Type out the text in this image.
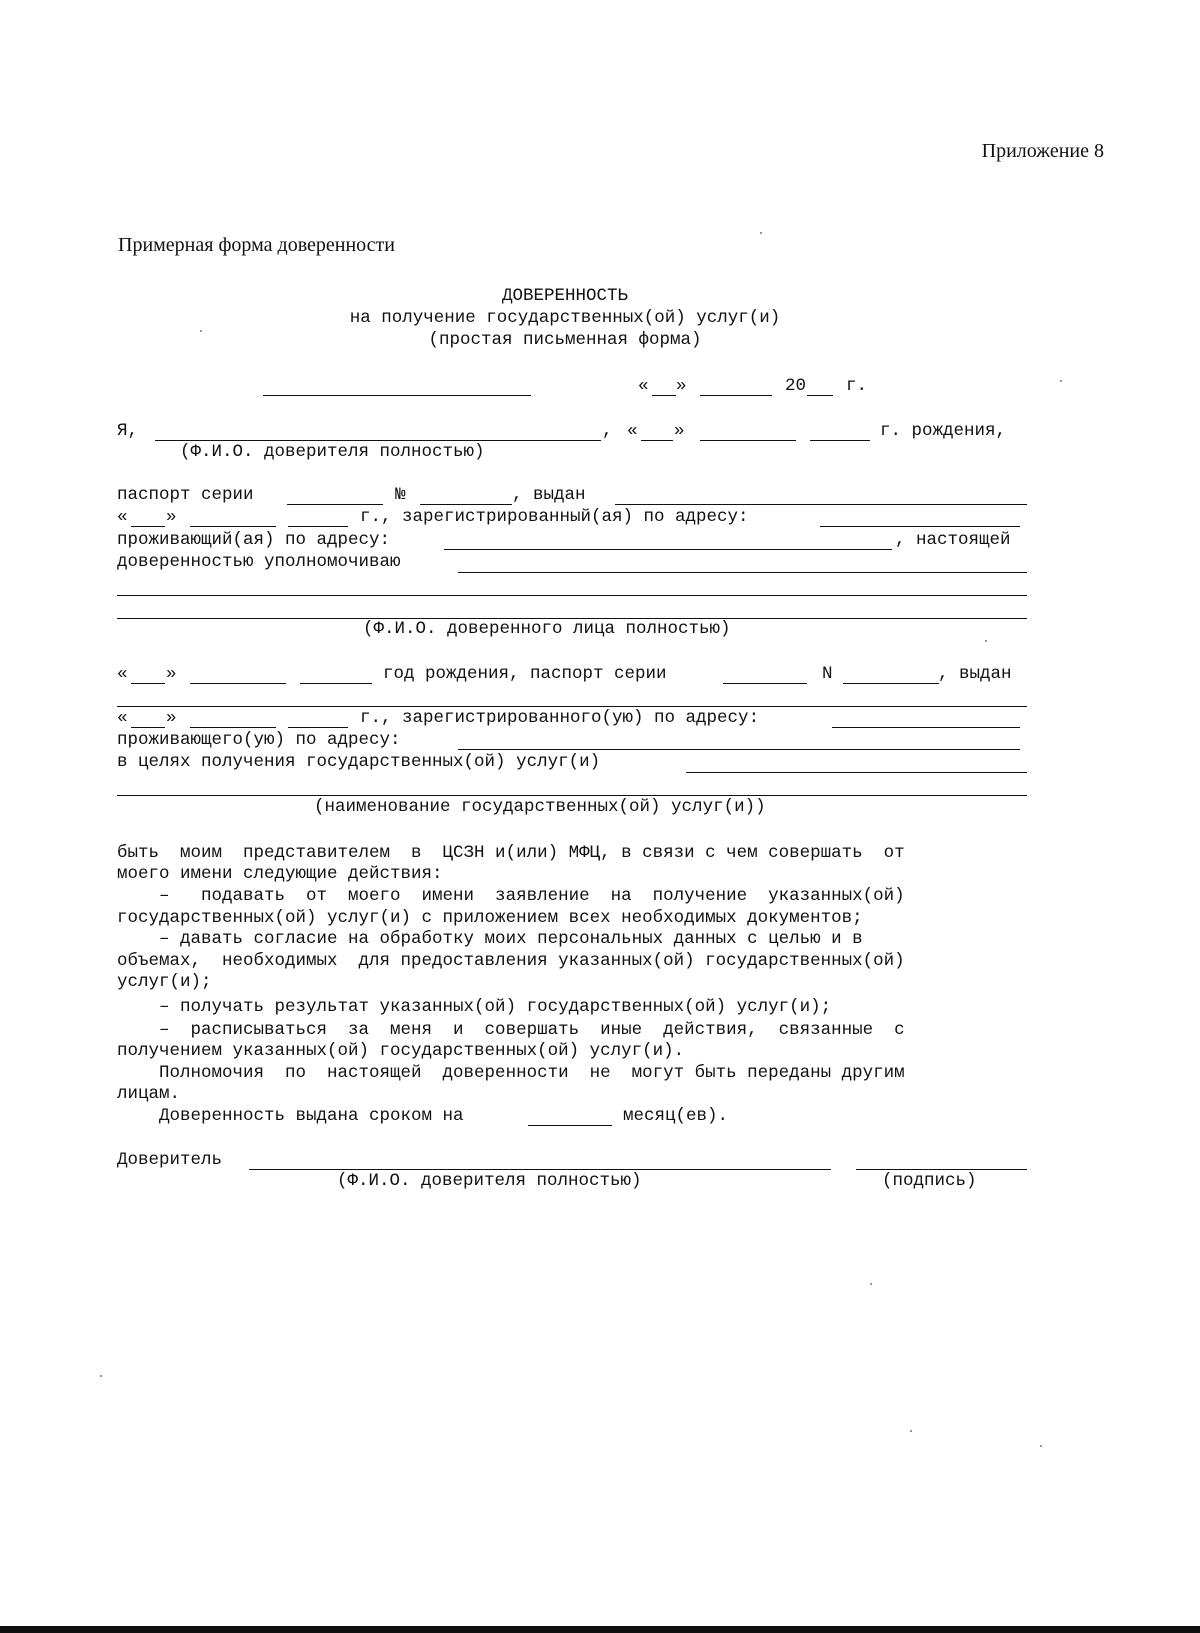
Приложение 8
Примерная форма доверенности
ДОВЕРЕННОСТЬ
на получение государственных(ой) услуг(и)
(простая письменная форма)
« »	20 г.
Я,	, « »	г. рождения,
(Ф.И.О. доверителя полностью)
паспорт серии	№	, выдан
« »	г., зарегистрированный(ая) по адресу:
проживающий(ая) по адресу:	, настоящей
доверенностью уполномочиваю
(Ф.И.О. доверенного лица полностью)
« »	год рождения, паспорт серии	N	, выдан
« »	г., зарегистрированного(ую) по адресу:
проживающего(ую) по адресу:
в целях получения государственных(ой) услуг(и)
(наименование государственных(ой) услуг(и))
быть  моим  представителем  в  ЦСЗН и(или) МФЦ, в связи с чем совершать  от
моего имени следующие действия:
–   подавать  от  моего  имени  заявление  на  получение  указанных(ой)
государственных(ой) услуг(и) с приложением всех необходимых документов;
– давать согласие на обработку моих персональных данных с целью и в
объемах,  необходимых  для предоставления указанных(ой) государственных(ой)
услуг(и);
– получать результат указанных(ой) государственных(ой) услуг(и);
–  расписываться  за  меня  и  совершать  иные  действия,  связанные  с
получением указанных(ой) государственных(ой) услуг(и).
Полномочия  по  настоящей  доверенности  не  могут быть переданы другим
лицам.
Доверенность выдана сроком на	месяц(ев).
Доверитель
(Ф.И.О. доверителя полностью)	(подпись)
